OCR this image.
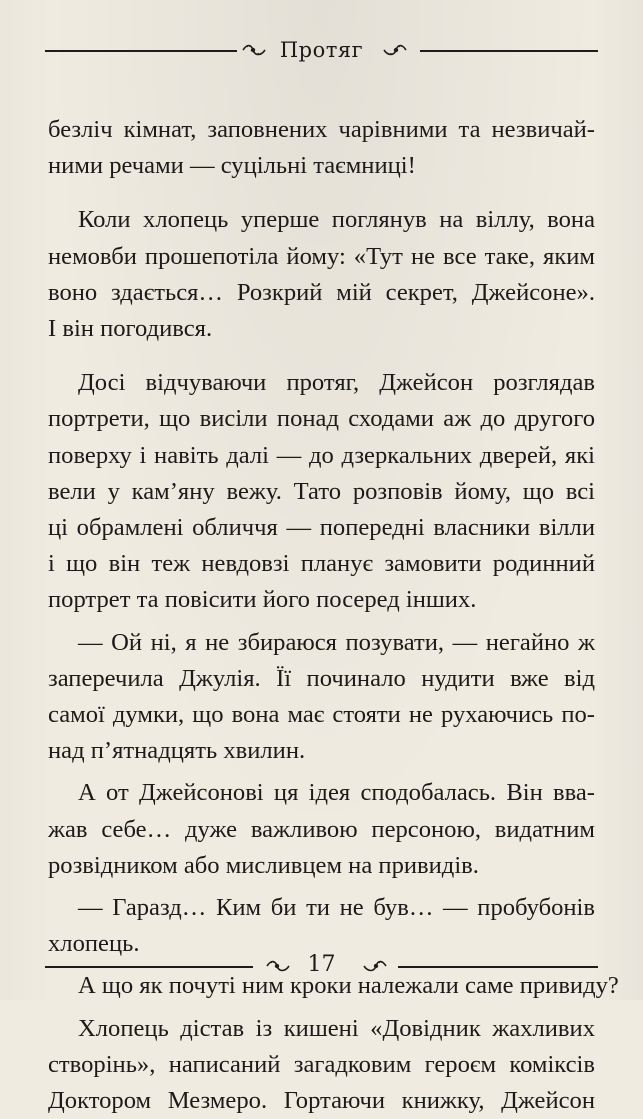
Протяг
безліч кімнат, заповнених чарівними та незвичай-
ними речами — суцільні таємниці!
Коли хлопець уперше поглянув на віллу, вона
немовби прошепотіла йому: «Тут не все таке, яким
воно здається… Розкрий мій секрет, Джейсоне».
І він погодився.
Досі відчуваючи протяг, Джейсон розглядав
портрети, що висіли понад сходами аж до другого
поверху і навіть далі — до дзеркальних дверей, які
вели у кам’яну вежу. Тато розповів йому, що всі
ці обрамлені обличчя — попередні власники вілли
і що він теж невдовзі планує замовити родинний
портрет та повісити його посеред інших.
— Ой ні, я не збираюся позувати, — негайно ж
заперечила Джулія. Її починало нудити вже від
самої думки, що вона має стояти не рухаючись по-
над п’ятнадцять хвилин.
А от Джейсонові ця ідея сподобалась. Він вва-
жав себе… дуже важливою персоною, видатним
розвідником або мисливцем на привидів.
— Гаразд… Ким би ти не був… — пробубонів
хлопець.
А що як почуті ним кроки належали саме привиду?
Хлопець дістав із кишені «Довідник жахливих
створінь», написаний загадковим героєм коміксів
Доктором Мезмеро. Гортаючи книжку, Джейсон
17
